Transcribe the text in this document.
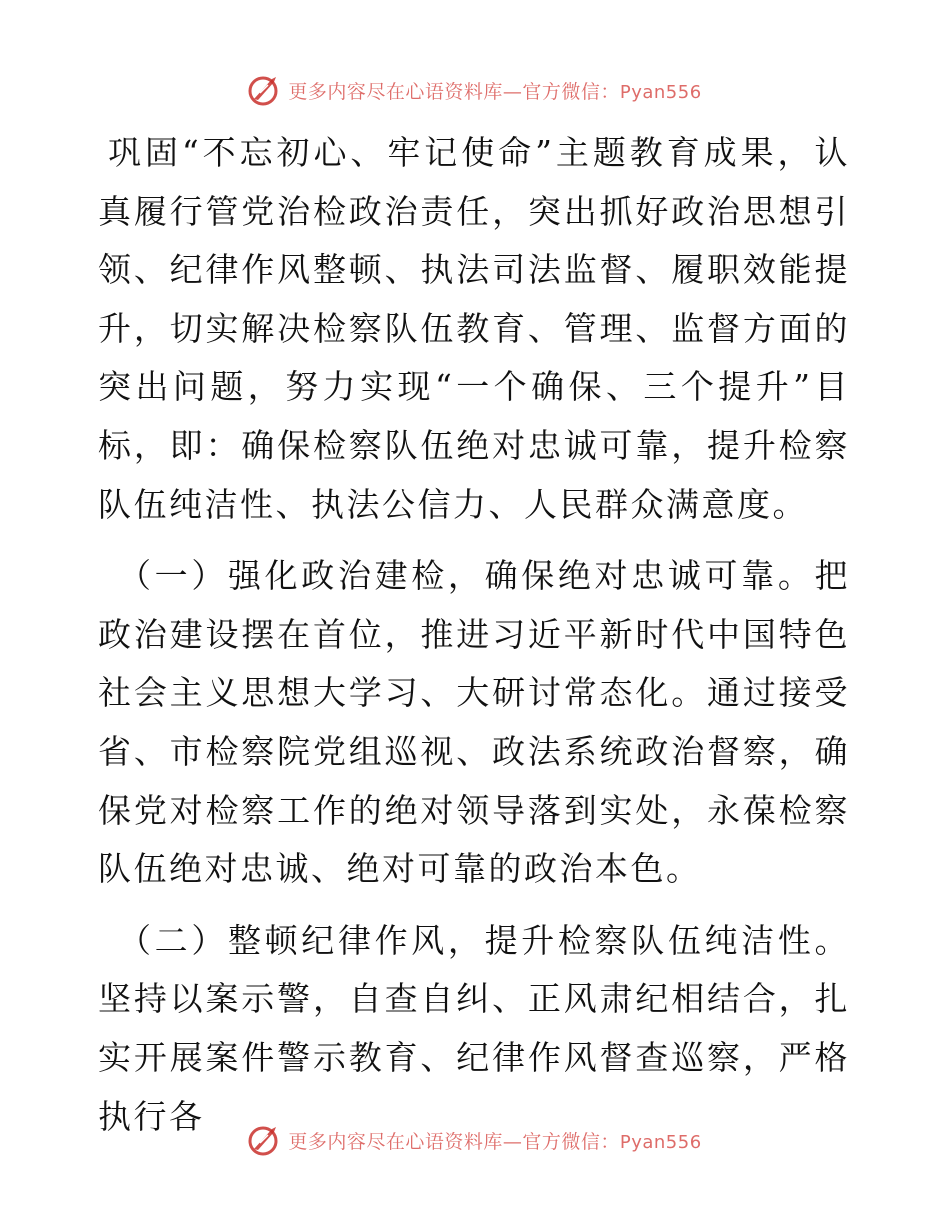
更多内容尽在心语资料库—官方微信：Pyan556

巩固“不忘初心、牢记使命”主题教育成果，认真履行管党治检政治责任，突出抓好政治思想引领、纪律作风整顿、执法司法监督、履职效能提升，切实解决检察队伍教育、管理、监督方面的突出问题，努力实现“一个确保、三个提升”目标，即：确保检察队伍绝对忠诚可靠，提升检察队伍纯洁性、执法公信力、人民群众满意度。

（一）强化政治建检，确保绝对忠诚可靠。把政治建设摆在首位，推进习近平新时代中国特色社会主义思想大学习、大研讨常态化。通过接受省、市检察院党组巡视、政法系统政治督察，确保党对检察工作的绝对领导落到实处，永葆检察队伍绝对忠诚、绝对可靠的政治本色。

（二）整顿纪律作风，提升检察队伍纯洁性。坚持以案示警，自查自纠、正风肃纪相结合，扎实开展案件警示教育、纪律作风督查巡察，严格执行各

更多内容尽在心语资料库—官方微信：Pyan556
